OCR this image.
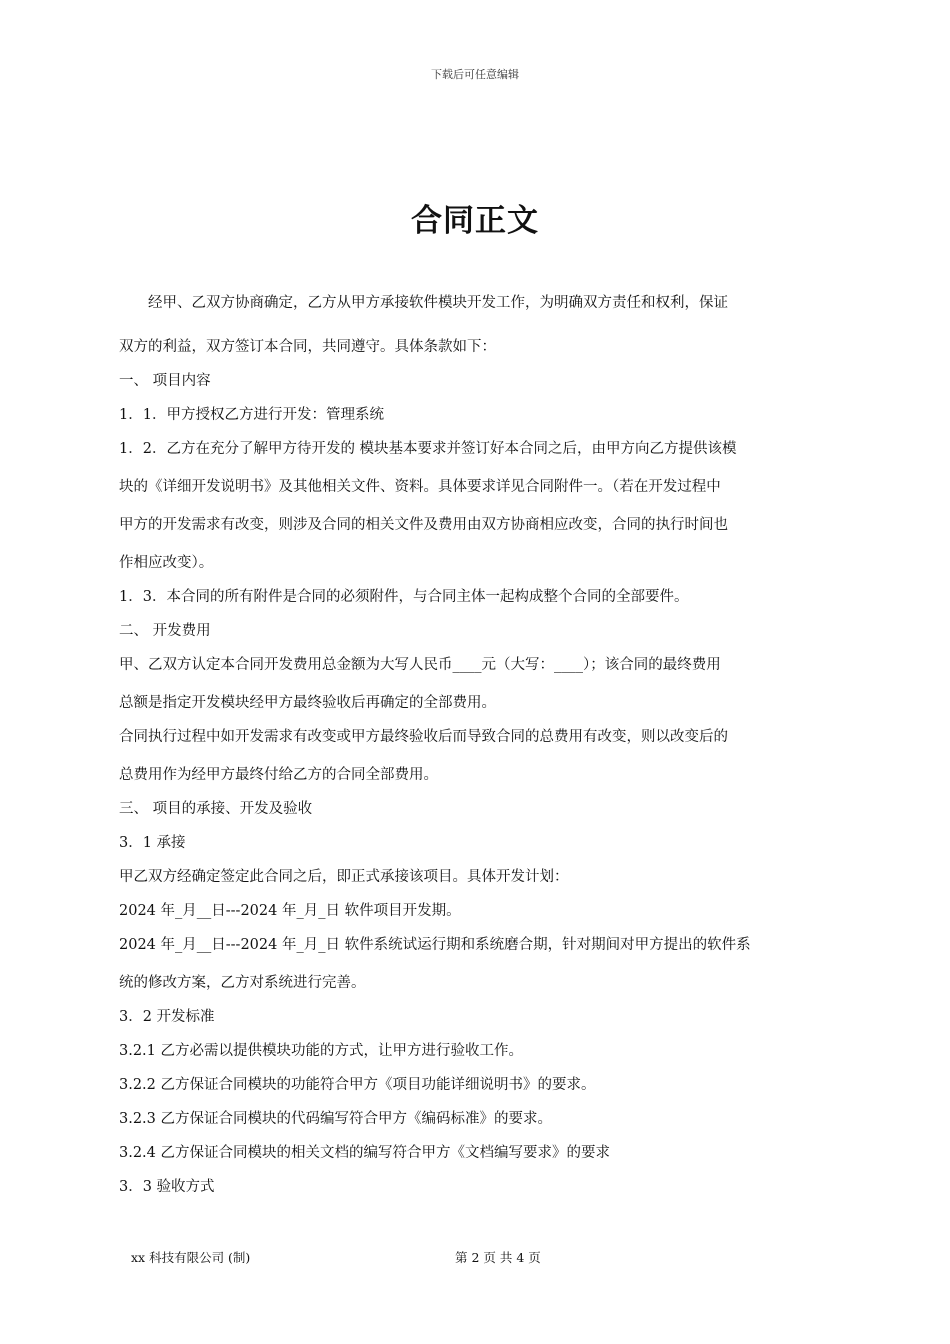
下载后可任意编辑
合同正文
　　经甲、乙双方协商确定，乙方从甲方承接软件模块开发工作，为明确双方责任和权利，保证
双方的利益，双方签订本合同，共同遵守。具体条款如下：
一、 项目内容
1．1．甲方授权乙方进行开发：管理系统
1．2．乙方在充分了解甲方待开发的 模块基本要求并签订好本合同之后，由甲方向乙方提供该模
块的《详细开发说明书》及其他相关文件、资料。具体要求详见合同附件一。（若在开发过程中
甲方的开发需求有改变，则涉及合同的相关文件及费用由双方协商相应改变，合同的执行时间也
作相应改变）。
1．3．本合同的所有附件是合同的必须附件，与合同主体一起构成整个合同的全部要件。
二、 开发费用
甲、乙双方认定本合同开发费用总金额为大写人民币____元（大写：____）；该合同的最终费用
总额是指定开发模块经甲方最终验收后再确定的全部费用。
合同执行过程中如开发需求有改变或甲方最终验收后而导致合同的总费用有改变，则以改变后的
总费用作为经甲方最终付给乙方的合同全部费用。
三、 项目的承接、开发及验收
3．1 承接
甲乙双方经确定签定此合同之后，即正式承接该项目。具体开发计划：
2024 年_月__日---2024 年_月_日 软件项目开发期。
2024 年_月__日---2024 年_月_日 软件系统试运行期和系统磨合期，针对期间对甲方提出的软件系
统的修改方案，乙方对系统进行完善。
3．2 开发标准
3.2.1 乙方必需以提供模块功能的方式，让甲方进行验收工作。
3.2.2 乙方保证合同模块的功能符合甲方《项目功能详细说明书》的要求。
3.2.3 乙方保证合同模块的代码编写符合甲方《编码标准》的要求。
3.2.4 乙方保证合同模块的相关文档的编写符合甲方《文档编写要求》的要求
3．3 验收方式
xx 科技有限公司 (制)	第 2 页 共 4 页
